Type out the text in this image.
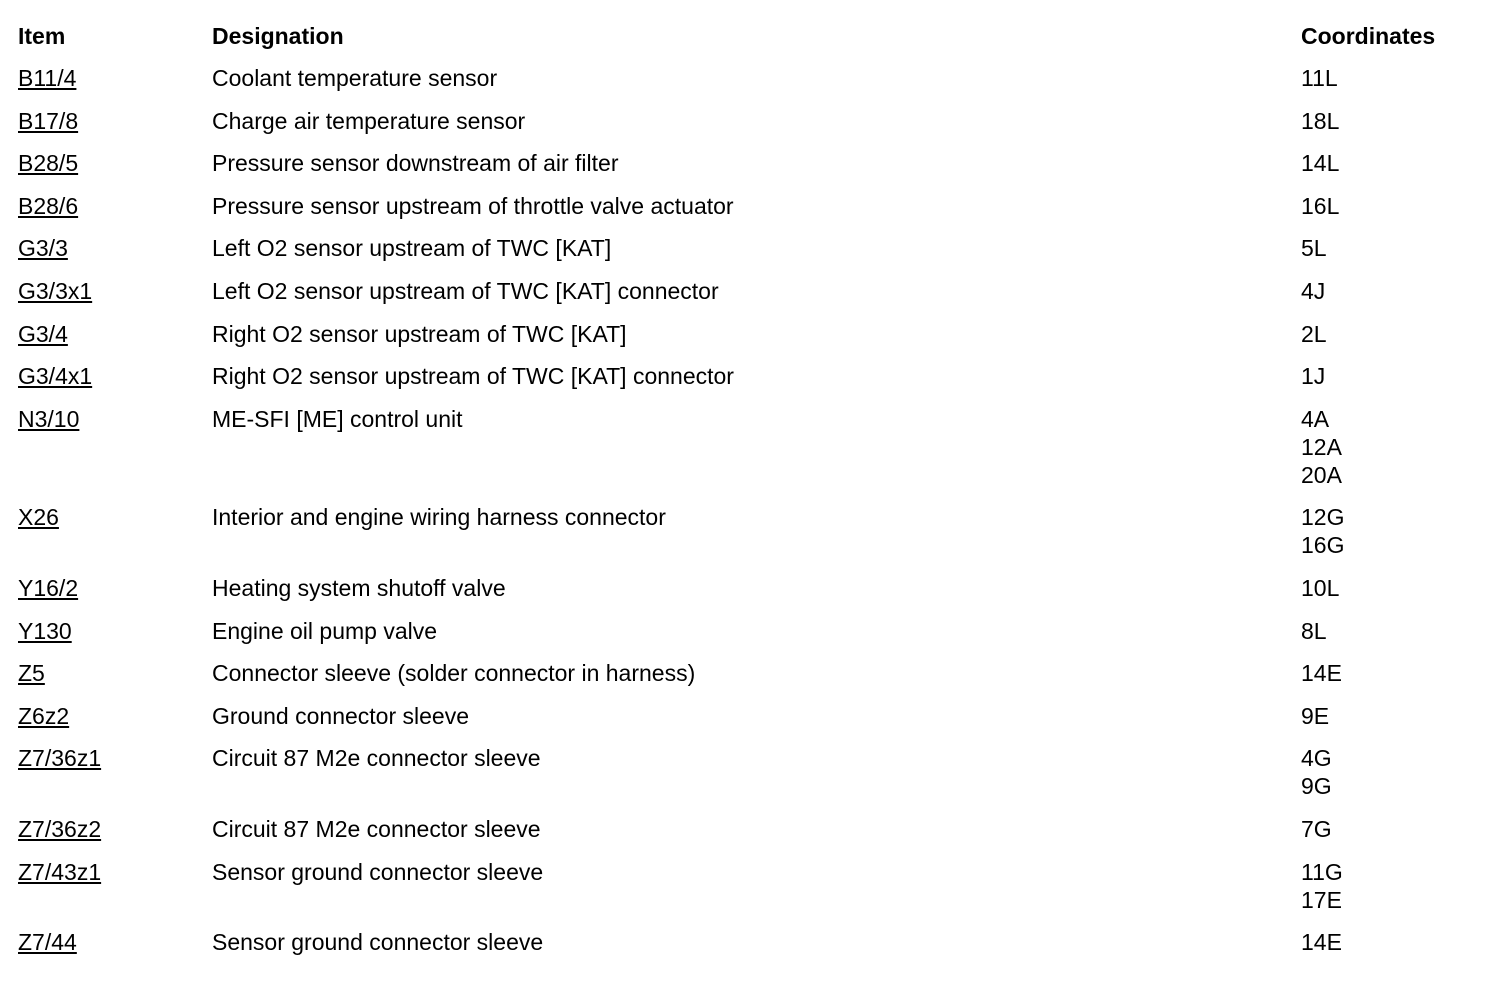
Item	Designation	Coordinates
B11/4	Coolant temperature sensor	11L
B17/8	Charge air temperature sensor	18L
B28/5	Pressure sensor downstream of air filter	14L
B28/6	Pressure sensor upstream of throttle valve actuator	16L
G3/3	Left O2 sensor upstream of TWC [KAT]	5L
G3/3x1	Left O2 sensor upstream of TWC [KAT] connector	4J
G3/4	Right O2 sensor upstream of TWC [KAT]	2L
G3/4x1	Right O2 sensor upstream of TWC [KAT] connector	1J
N3/10	ME-SFI [ME] control unit	4A
12A
20A
X26	Interior and engine wiring harness connector	12G
16G
Y16/2	Heating system shutoff valve	10L
Y130	Engine oil pump valve	8L
Z5	Connector sleeve (solder connector in harness)	14E
Z6z2	Ground connector sleeve	9E
Z7/36z1	Circuit 87 M2e connector sleeve	4G
9G
Z7/36z2	Circuit 87 M2e connector sleeve	7G
Z7/43z1	Sensor ground connector sleeve	11G
17E
Z7/44	Sensor ground connector sleeve	14E
